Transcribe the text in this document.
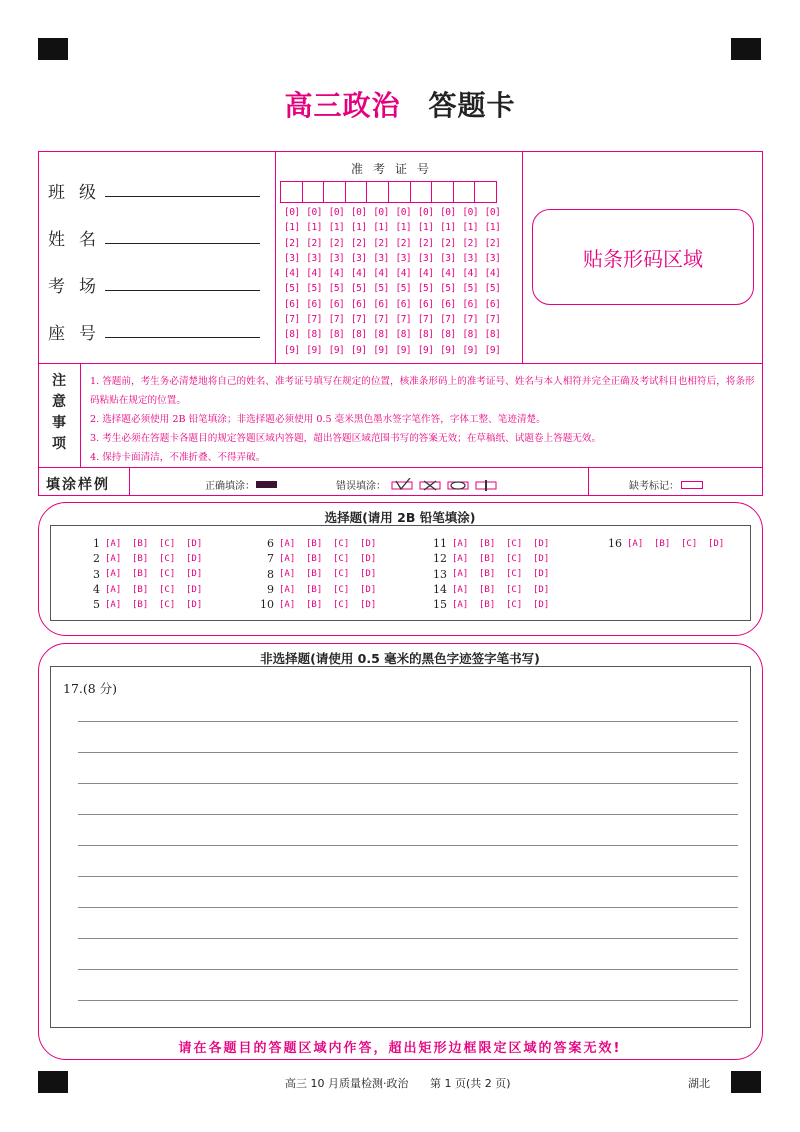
高三政治 答题卡
班级
姓名
考场
座号
准考证号
[0] [0] [0] [0] [0] [0] [0] [0] [0] [0]
[1] [1] [1] [1] [1] [1] [1] [1] [1] [1]
[2] [2] [2] [2] [2] [2] [2] [2] [2] [2]
[3] [3] [3] [3] [3] [3] [3] [3] [3] [3]
[4] [4] [4] [4] [4] [4] [4] [4] [4] [4]
[5] [5] [5] [5] [5] [5] [5] [5] [5] [5]
[6] [6] [6] [6] [6] [6] [6] [6] [6] [6]
[7] [7] [7] [7] [7] [7] [7] [7] [7] [7]
[8] [8] [8] [8] [8] [8] [8] [8] [8] [8]
[9] [9] [9] [9] [9] [9] [9] [9] [9] [9]
贴条形码区域
注
意
事
项
1. 答题前，考生务必清楚地将自己的姓名、准考证号填写在规定的位置，核准条形码上的准考证号、姓名与本人相符并完全正确及考试科目也相符后，将条形码粘贴在规定的位置。
2. 选择题必须使用 2B 铅笔填涂；非选择题必须使用 0.5 毫米黑色墨水签字笔作答，字体工整、笔迹清楚。
3. 考生必须在答题卡各题目的规定答题区域内答题，超出答题区域范围书写的答案无效；在草稿纸、试题卷上答题无效。
4. 保持卡面清洁，不准折叠、不得弄破。
填涂样例	正确填涂：	错误填涂：	缺考标记：
选择题(请用 2B 铅笔填涂)
1 [A]	[B]	[C]	[D]
2 [A]	[B]	[C]	[D]
3 [A]	[B]	[C]	[D]
4 [A]	[B]	[C]	[D]
5 [A]	[B]	[C]	[D]
6 [A]	[B]	[C]	[D]
7 [A]	[B]	[C]	[D]
8 [A]	[B]	[C]	[D]
9 [A]	[B]	[C]	[D]
10 [A]	[B]	[C]	[D]
11 [A]	[B]	[C]	[D]
12 [A]	[B]	[C]	[D]
13 [A]	[B]	[C]	[D]
14 [A]	[B]	[C]	[D]
15 [A]	[B]	[C]	[D]
16 [A]	[B]	[C]	[D]
非选择题(请使用 0.5 毫米的黑色字迹签字笔书写)
17.(8 分)
请在各题目的答题区域内作答，超出矩形边框限定区域的答案无效!
高三 10 月质量检测·政治 第 1 页(共 2 页)	湖北
